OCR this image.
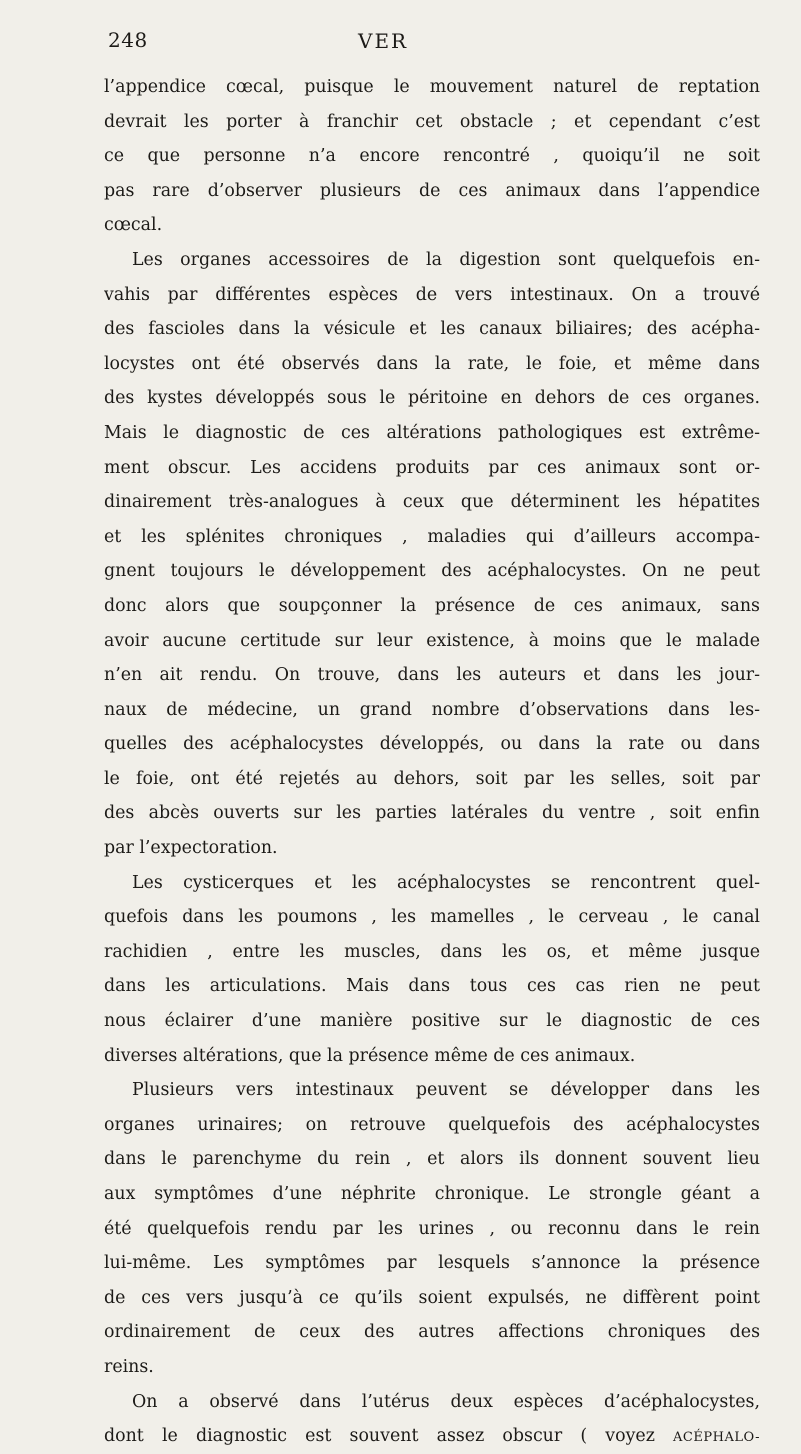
248	VER
l’appendice cœcal, puisque le mouvement naturel de reptation
devrait les porter à franchir cet obstacle ; et cependant c’est
ce que personne n’a encore rencontré , quoiqu’il ne soit
pas rare d’observer plusieurs de ces animaux dans l’appendice
cœcal.
Les organes accessoires de la digestion sont quelquefois en-
vahis par différentes espèces de vers intestinaux. On a trouvé
des fascioles dans la vésicule et les canaux biliaires; des acépha-
locystes ont été observés dans la rate, le foie, et même dans
des kystes développés sous le péritoine en dehors de ces organes.
Mais le diagnostic de ces altérations pathologiques est extrême-
ment obscur. Les accidens produits par ces animaux sont or-
dinairement très-analogues à ceux que déterminent les hépatites
et les splénites chroniques , maladies qui d’ailleurs accompa-
gnent toujours le développement des acéphalocystes. On ne peut
donc alors que soupçonner la présence de ces animaux, sans
avoir aucune certitude sur leur existence, à moins que le malade
n’en ait rendu. On trouve, dans les auteurs et dans les jour-
naux de médecine, un grand nombre d’observations dans les-
quelles des acéphalocystes développés, ou dans la rate ou dans
le foie, ont été rejetés au dehors, soit par les selles, soit par
des abcès ouverts sur les parties latérales du ventre , soit enfin
par l’expectoration.
Les cysticerques et les acéphalocystes se rencontrent quel-
quefois dans les poumons , les mamelles , le cerveau , le canal
rachidien , entre les muscles, dans les os, et même jusque
dans les articulations. Mais dans tous ces cas rien ne peut
nous éclairer d’une manière positive sur le diagnostic de ces
diverses altérations, que la présence même de ces animaux.
Plusieurs vers intestinaux peuvent se développer dans les
organes urinaires; on retrouve quelquefois des acéphalocystes
dans le parenchyme du rein , et alors ils donnent souvent lieu
aux symptômes d’une néphrite chronique. Le strongle géant a
été quelquefois rendu par les urines , ou reconnu dans le rein
lui-même. Les symptômes par lesquels s’annonce la présence
de ces vers jusqu’à ce qu’ils soient expulsés, ne diffèrent point
ordinairement de ceux des autres affections chroniques des
reins.
On a observé dans l’utérus deux espèces d’acéphalocystes,
dont le diagnostic est souvent assez obscur ( voyez ACÉPHALO-
